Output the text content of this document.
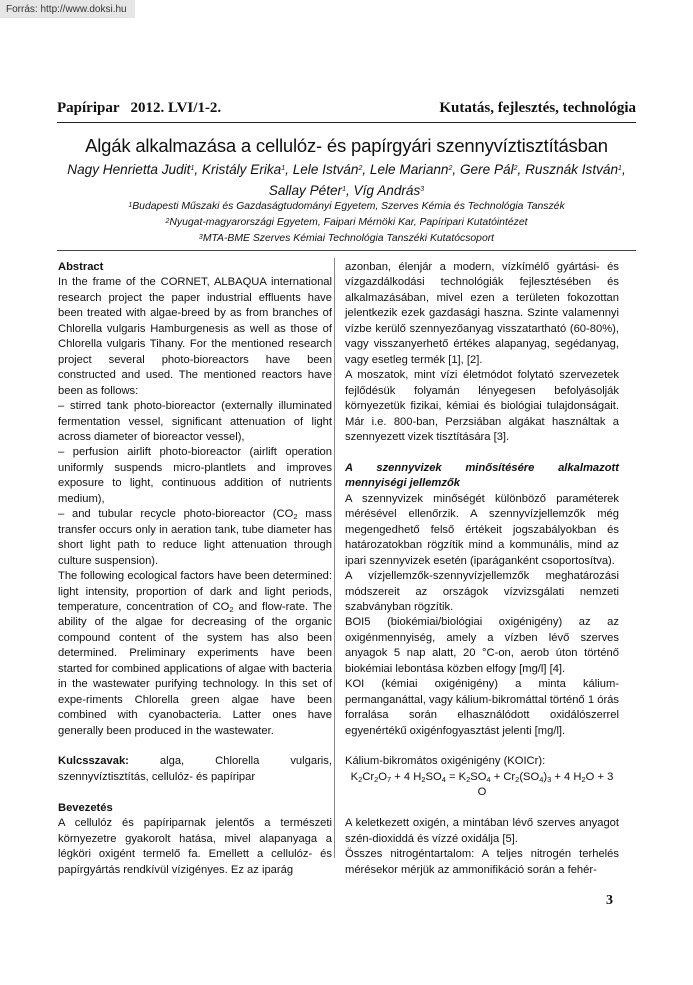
Forrás: http://www.doksi.hu
Papíripar   2012. LVI/1-2.	Kutatás, fejlesztés, technológia
Algák alkalmazása a cellulóz- és papírgyári szennyvíztisztításban
Nagy Henrietta Judit$^1$, Kristály Erika$^1$, Lele István$^2$, Lele Mariann$^2$, Gere Pál$^2$, Rusznák István$^1$,
Sallay Péter$^1$, Víg András$^3$
$^1$Budapesti Műszaki és Gazdaságtudományi Egyetem, Szerves Kémia és Technológia Tanszék
$^2$Nyugat-magyarországi Egyetem, Faipari Mérnöki Kar, Papíripari Kutatóintézet
$^3$MTA-BME Szerves Kémiai Technológia Tanszéki Kutatócsoport

Abstract

In the frame of the CORNET, ALBAQUA international research project the paper industrial effluents have been treated with algae-breed by as from branches of Chlorella vulgaris Hamburgenesis as well as those of Chlorella vulgaris Tihany. For the mentioned research project several photo-bioreactors have been constructed and used. The mentioned reactors have been as follows:

– stirred tank photo-bioreactor (externally illuminated fermentation vessel, significant attenuation of light across diameter of bioreactor vessel),

– perfusion airlift photo-bioreactor (airlift operation uniformly suspends micro-plantlets and improves exposure to light, continuous addition of nutrients medium),

– and tubular recycle photo-bioreactor ($CO_2$ mass transfer occurs only in aeration tank, tube diameter has short light path to reduce light attenuation through culture suspension).

The following ecological factors have been determined: light intensity, proportion of dark and light periods, temperature, concentration of $CO_2$ and flow-rate. The ability of the algae for decreasing of the organic compound content of the system has also been determined. Preliminary experiments have been started for combined applications of algae with bacteria in the wastewater purifying technology. In this set of expe-riments Chlorella green algae have been combined with cyanobacteria. Latter ones have generally been produced in the wastewater.

Kulcsszavak: alga, Chlorella vulgaris, szennyvíztisztítás, cellulóz- és papíripar

Bevezetés

A cellulóz és papíriparnak jelentős a természeti környezetre gyakorolt hatása, mivel alapanyaga a légköri oxigént termelő fa. Emellett a cellulóz- és papírgyártás rendkívül vízigényes. Ez az iparág

azonban, élenjár a modern, vízkímélő gyártási- és vízgazdálkodási technológiák fejlesztésében és alkalmazásában, mivel ezen a területen fokozottan jelentkezik ezek gazdasági haszna. Szinte valamennyi vízbe kerülő szennyezőanyag visszatartható (60-80%), vagy visszanyerhető értékes alapanyag, segédanyag, vagy esetleg termék [1], [2].

A moszatok, mint vízi életmódot folytató szervezetek fejlődésük folyamán lényegesen befolyásolják környezetük fizikai, kémiai és biológiai tulajdonságait. Már i.e. 800-ban, Perzsiában algákat használtak a szennyezett vizek tisztítására [3].

A szennyvizek minősítésére alkalmazott mennyiségi jellemzők

A szennyvizek minőségét különböző paraméterek mérésével ellenőrzik. A szennyvízjellemzők még megengedhető felső értékeit jogszabályokban és határozatokban rögzítik mind a kommunális, mind az ipari szennyvizek esetén (iparáganként csoportosítva).

A vízjellemzők-szennyvízjellemzők meghatározási módszereit az országok vízvizsgálati nemzeti szabványban rögzítik.

BOI5 (biokémiai/biológiai oxigénigény) az az oxigénmennyiség, amely a vízben lévő szerves anyagok 5 nap alatt, 20 °C-on, aerob úton történő biokémiai lebontása közben elfogy [mg/l] [4].

KOI (kémiai oxigénigény) a minta kálium-permanganáttal, vagy kálium-bikromáttal történő 1 órás forralása során elhasználódott oxidálószerrel egyenértékű oxigénfogyasztást jelenti [mg/l].

Kálium-bikromátos oxigénigény (KOICr):

$K_2Cr_2O_7 + 4$ $H_2SO_4 = K_2SO_4 + Cr_2(SO_4)_3 + 4$ $H_2O + 3$ O

A keletkezett oxigén, a mintában lévő szerves anyagot szén-dioxiddá és vízzé oxidálja [5].

Összes nitrogéntartalom: A teljes nitrogén terhelés mérésekor mérjük az ammonifikáció során a fehér-

3
